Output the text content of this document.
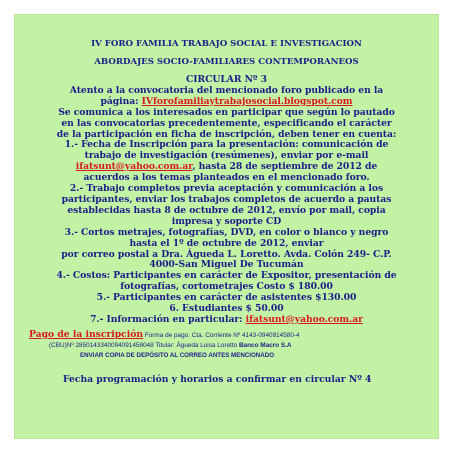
IV FORO FAMILIA TRABAJO SOCIAL E INVESTIGACION
ABORDAJES SOCIO-FAMILIARES CONTEMPORANEOS
CIRCULAR Nº 3
Atento a la convocatoria del mencionado foro publicado en la
página: IVforofamiliaytrabajosocial.blogspot.com
Se comunica a los interesados en participar que según lo pautado
en las convocatorias precedentemente, especificando el carácter
de la participación en ficha de inscripción, deben tener en cuenta:
1.- Fecha de Inscripción para la presentación: comunicación de
trabajo de investigación (resúmenes), enviar por e-mail
ifatsunt@yahoo.com.ar, hasta 28 de septiembre de 2012 de
acuerdos a los temas planteados en el mencionado foro.
2.- Trabajo completos previa aceptación y comunicación a los
participantes, enviar los trabajos completos de acuerdo a pautas
establecidas hasta 8 de octubre de 2012, envío por mail, copia
impresa y soporte CD
3.- Cortos metrajes, fotografías, DVD, en color o blanco y negro
hasta el 1º de octubre de 2012, enviar
por correo postal a Dra. Águeda L. Loretto. Avda. Colón 249- C.P.
4000-San Miguel De Tucumán
4.- Costos: Participantes en carácter de Expositor, presentación de
fotografías, cortometrajes Costo $ 180.00
5.- Participantes en carácter de asistentes $130.00
6. Estudiantes $ 50.00
7.- Información en particular: ifatsunt@yahoo.com.ar
Pago de la inscripción Forma de pago: Cta. Corriente Nº 4143-0940914580-4
(CBU)Nº 2850143340094091458048 Titular: Águeda Luisa Loretto Banco Macro S.A
ENVIAR COPIA DE DEPÓSITO AL CORREO ANTES MENCIONADO
Fecha programación y horarios a confirmar en circular Nº 4
